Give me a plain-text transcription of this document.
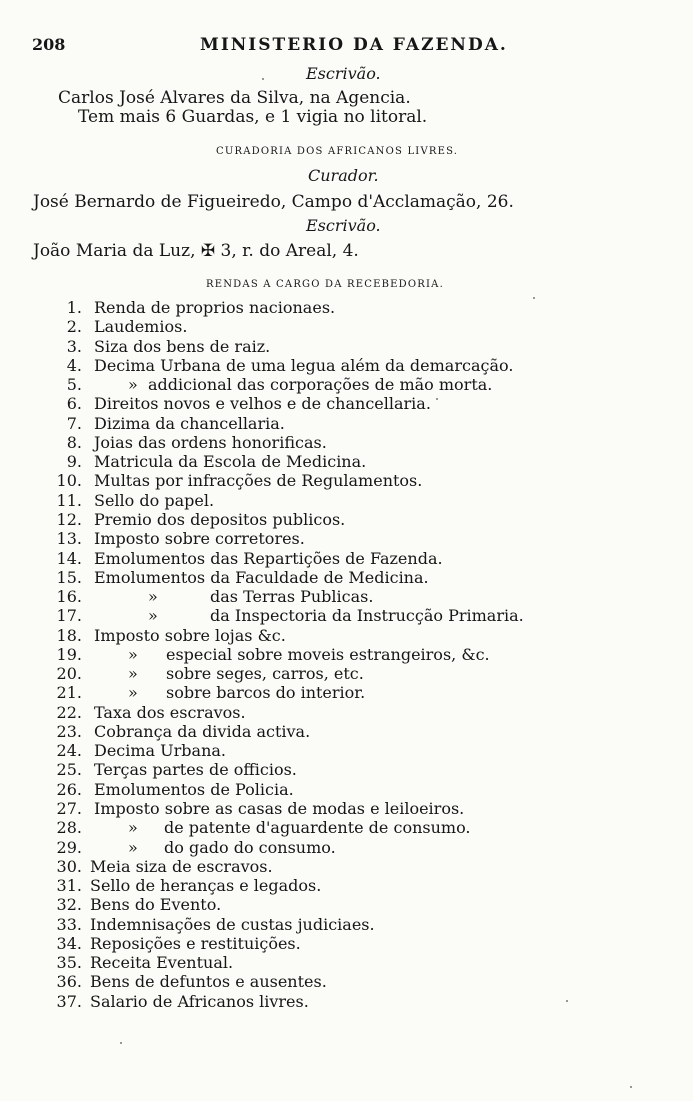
208	MINISTERIO DA FAZENDA.
Escrivão.
Carlos José Alvares da Silva, na Agencia.
Tem mais 6 Guardas, e 1 vigia no litoral.
CURADORIA DOS AFRICANOS LIVRES.
Curador.
José Bernardo de Figueiredo, Campo d'Acclamação, 26.
Escrivão.
João Maria da Luz, ✠ 3, r. do Areal, 4.
RENDAS A CARGO DA RECEBEDORIA.
1. Renda de proprios nacionaes.
2. Laudemios.
3. Siza dos bens de raiz.
4. Decima Urbana de uma legua além da demarcação.
5.	» addicional das corporações de mão morta.
6. Direitos novos e velhos e de chancellaria.
7. Dizima da chancellaria.
8. Joias das ordens honorificas.
9. Matricula da Escola de Medicina.
10. Multas por infracções de Regulamentos.
11. Sello do papel.
12. Premio dos depositos publicos.
13. Imposto sobre corretores.
14. Emolumentos das Repartições de Fazenda.
15. Emolumentos da Faculdade de Medicina.
16.	»	das Terras Publicas.
17.	»	da Inspectoria da Instrucção Primaria.
18. Imposto sobre lojas &c.
19.	» especial sobre moveis estrangeiros, &c.
20.	» sobre seges, carros, etc.
21.	» sobre barcos do interior.
22. Taxa dos escravos.
23. Cobrança da divida activa.
24. Decima Urbana.
25. Terças partes de officios.
26. Emolumentos de Policia.
27. Imposto sobre as casas de modas e leiloeiros.
28.	» de patente d'aguardente de consumo.
29.	» do gado do consumo.
30. Meia siza de escravos.
31. Sello de heranças e legados.
32. Bens do Evento.
33. Indemnisações de custas judiciaes.
34. Reposições e restituições.
35. Receita Eventual.
36. Bens de defuntos e ausentes.
37. Salario de Africanos livres.
